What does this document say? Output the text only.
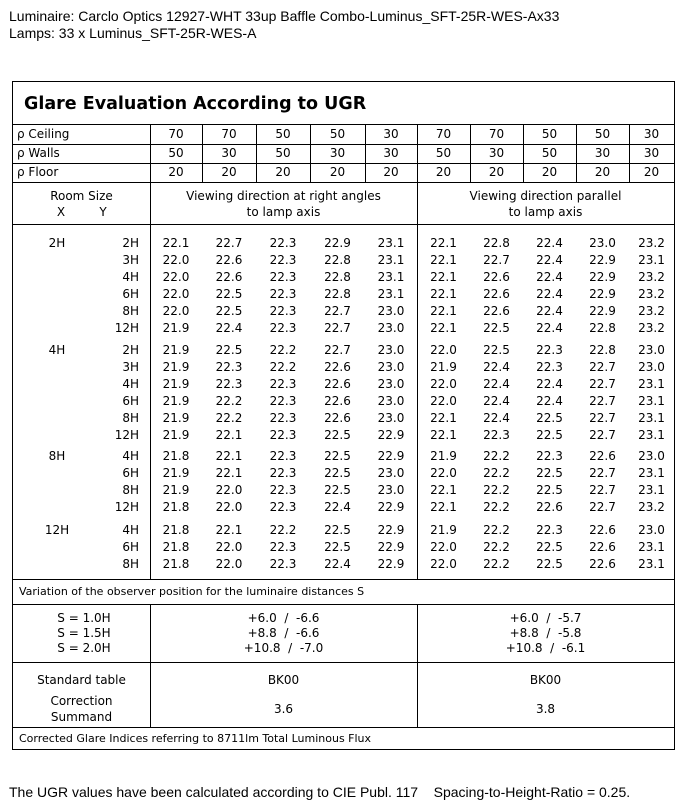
Luminaire: Carclo Optics 12927-WHT 33up Baffle Combo-Luminus_SFT-25R-WES-Ax33
Lamps: 33 x Luminus_SFT-25R-WES-A
Glare Evaluation According to UGR
ρ Ceiling	70	70	50	50	30	70	70	50	50	30
ρ Walls	50	30	50	30	30	50	30	50	30	30
ρ Floor	20	20	20	20	20	20	20	20	20	20
Room Size
X	Y
Viewing direction at right angles
to lamp axis
Viewing direction parallel
to lamp axis
2H	2H	22.1	22.7	22.3	22.9	23.1	22.1	22.8	22.4	23.0	23.2
3H	22.0	22.6	22.3	22.8	23.1	22.1	22.7	22.4	22.9	23.1
4H	22.0	22.6	22.3	22.8	23.1	22.1	22.6	22.4	22.9	23.2
6H	22.0	22.5	22.3	22.8	23.1	22.1	22.6	22.4	22.9	23.2
8H	22.0	22.5	22.3	22.7	23.0	22.1	22.6	22.4	22.9	23.2
12H	21.9	22.4	22.3	22.7	23.0	22.1	22.5	22.4	22.8	23.2
4H	2H	21.9	22.5	22.2	22.7	23.0	22.0	22.5	22.3	22.8	23.0
3H	21.9	22.3	22.2	22.6	23.0	21.9	22.4	22.3	22.7	23.0
4H	21.9	22.3	22.3	22.6	23.0	22.0	22.4	22.4	22.7	23.1
6H	21.9	22.2	22.3	22.6	23.0	22.0	22.4	22.4	22.7	23.1
8H	21.9	22.2	22.3	22.6	23.0	22.1	22.4	22.5	22.7	23.1
12H	21.9	22.1	22.3	22.5	22.9	22.1	22.3	22.5	22.7	23.1
8H	4H	21.8	22.1	22.3	22.5	22.9	21.9	22.2	22.3	22.6	23.0
6H	21.9	22.1	22.3	22.5	23.0	22.0	22.2	22.5	22.7	23.1
8H	21.9	22.0	22.3	22.5	23.0	22.1	22.2	22.5	22.7	23.1
12H	21.8	22.0	22.3	22.4	22.9	22.1	22.2	22.6	22.7	23.2
12H	4H	21.8	22.1	22.2	22.5	22.9	21.9	22.2	22.3	22.6	23.0
6H	21.8	22.0	22.3	22.5	22.9	22.0	22.2	22.5	22.6	23.1
8H	21.8	22.0	22.3	22.4	22.9	22.0	22.2	22.5	22.6	23.1
Variation of the observer position for the luminaire distances S
S = 1.0H	+6.0  /  -6.6	+6.0  /  -5.7
S = 1.5H	+8.8  /  -6.6	+8.8  /  -5.8
S = 2.0H	+10.8  /  -7.0	+10.8  /  -6.1
Standard table	BK00	BK00
Correction
Summand
3.6	3.8
Corrected Glare Indices referring to 8711lm Total Luminous Flux
The UGR values have been calculated according to CIE Publ. 117    Spacing-to-Height-Ratio = 0.25.
